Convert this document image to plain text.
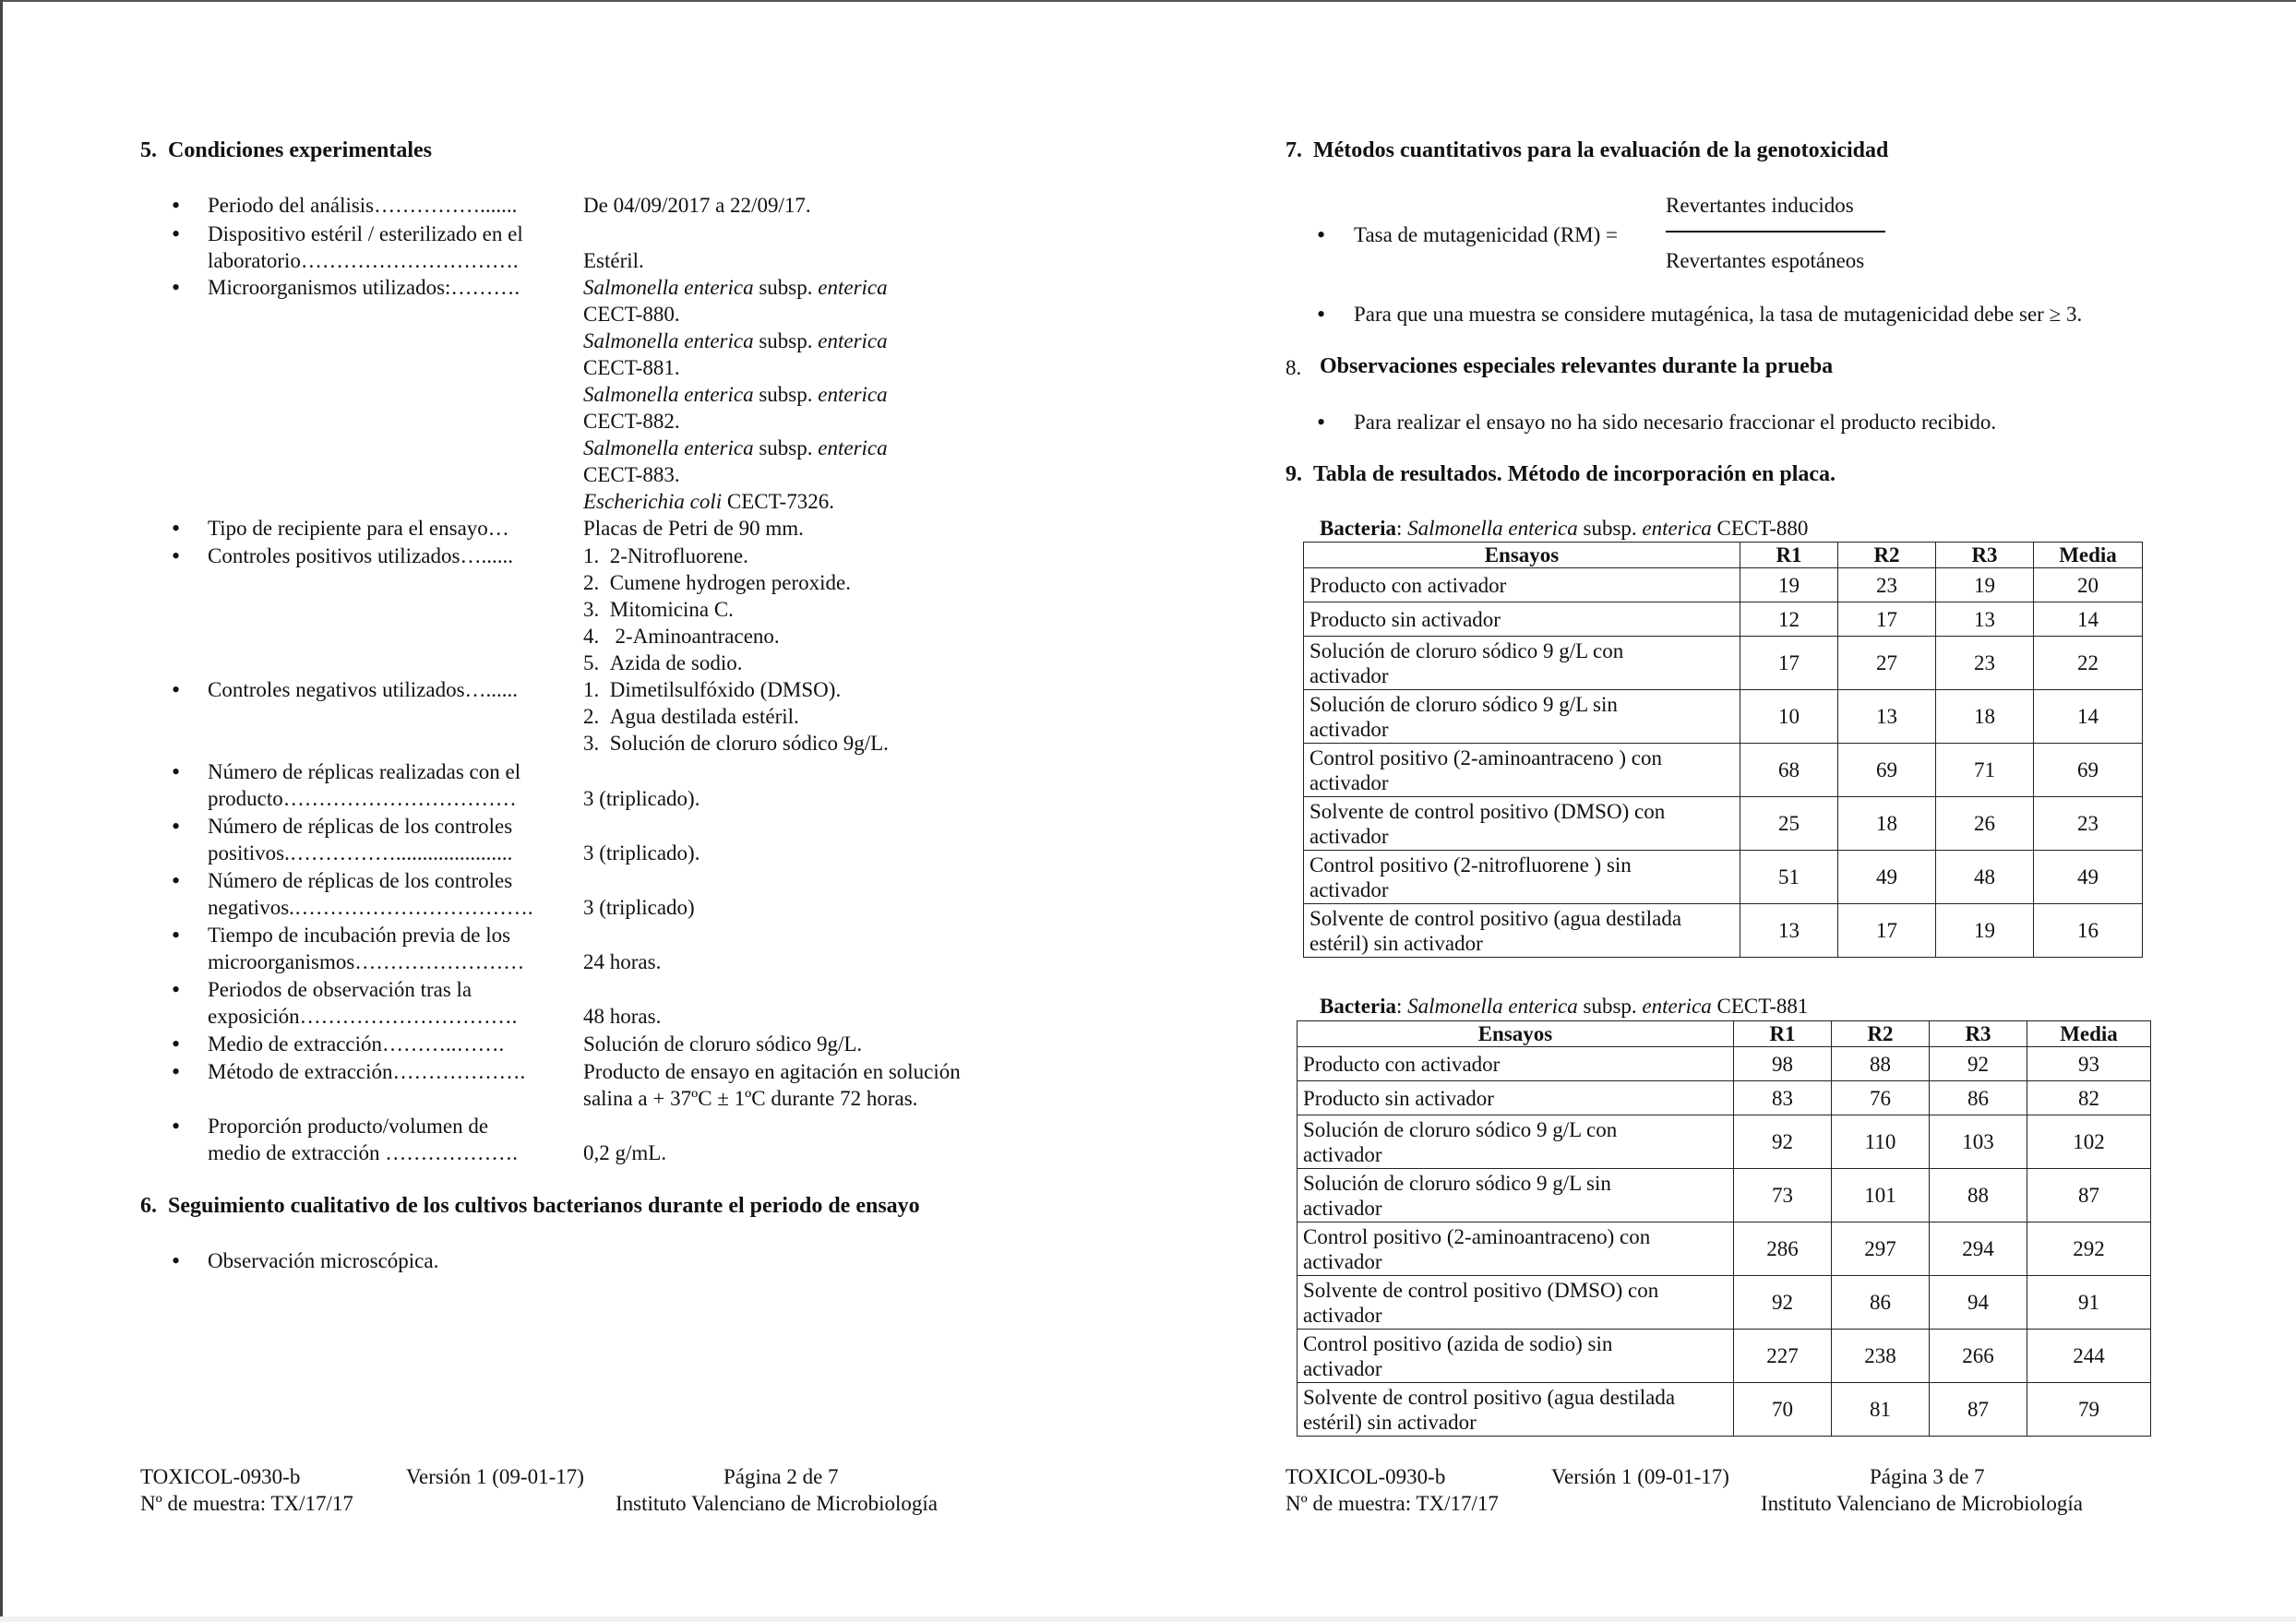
5.  Condiciones experimentales
• Periodo del análisis…………….......	De 04/09/2017 a 22/09/17.
• Dispositivo estéril / esterilizado en el
laboratorio………………………….	Estéril.
• Microorganismos utilizados:……….	Salmonella enterica subsp. enterica
CECT-880.
Salmonella enterica subsp. enterica
CECT-881.
Salmonella enterica subsp. enterica
CECT-882.
Salmonella enterica subsp. enterica
CECT-883.
Escherichia coli CECT-7326.
• Tipo de recipiente para el ensayo…	Placas de Petri de 90 mm.
• Controles positivos utilizados…......	1.  2-Nitrofluorene.
2.  Cumene hydrogen peroxide.
3.  Mitomicina C.
4.   2-Aminoantraceno.
5.  Azida de sodio.
• Controles negativos utilizados…......	1.  Dimetilsulfóxido (DMSO).
2.  Agua destilada estéril.
3.  Solución de cloruro sódico 9g/L.
• Número de réplicas realizadas con el
producto……………………………	3 (triplicado).
• Número de réplicas de los controles
positivos.……………......................	3 (triplicado).
• Número de réplicas de los controles
negativos.……………………………. 3 (triplicado)
• Tiempo de incubación previa de los
microorganismos……………………	24 horas.
• Periodos de observación tras la
exposición………………………….	48 horas.
• Medio de extracción………..…….	Solución de cloruro sódico 9g/L.
• Método de extracción……………….	Producto de ensayo en agitación en solución
salina a + 37ºC ± 1ºC durante 72 horas.
• Proporción producto/volumen de
medio de extracción ……………….	0,2 g/mL.
6.  Seguimiento cualitativo de los cultivos bacterianos durante el periodo de ensayo
• Observación microscópica.
TOXICOL-0930-b	Versión 1 (09-01-17)	Página 2 de 7
Nº de muestra: TX/17/17	Instituto Valenciano de Microbiología
7.  Métodos cuantitativos para la evaluación de la genotoxicidad
• Tasa de mutagenicidad (RM) =
Revertantes inducidos
Revertantes espotáneos
• Para que una muestra se considere mutagénica, la tasa de mutagenicidad debe ser ≥ 3.
8. Observaciones especiales relevantes durante la prueba
• Para realizar el ensayo no ha sido necesario fraccionar el producto recibido.
9.  Tabla de resultados. Método de incorporación en placa.
Bacteria: Salmonella enterica subsp. enterica CECT-880
Ensayos	R1	R2	R3	Media

Producto con activador	19	23	19	20

Producto sin activador	12	17	13	14

Solución de cloruro sódico 9 g/L con
activador	17	27	23	22

Solución de cloruro sódico 9 g/L sin
activador	10	13	18	14

Control positivo (2-aminoantraceno ) con
activador	68	69	71	69

Solvente de control positivo (DMSO) con
activador	25	18	26	23

Control positivo (2-nitrofluorene ) sin
activador	51	49	48	49

Solvente de control positivo (agua destilada
estéril) sin activador	13	17	19	16
Bacteria: Salmonella enterica subsp. enterica CECT-881
Ensayos	R1	R2	R3	Media

Producto con activador	98	88	92	93

Producto sin activador	83	76	86	82

Solución de cloruro sódico 9 g/L con
activador	92	110	103	102

Solución de cloruro sódico 9 g/L sin
activador	73	101	88	87

Control positivo (2-aminoantraceno) con
activador	286	297	294	292

Solvente de control positivo (DMSO) con
activador	92	86	94	91

Control positivo (azida de sodio) sin
activador	227	238	266	244

Solvente de control positivo (agua destilada
estéril) sin activador	70	81	87	79
TOXICOL-0930-b	Versión 1 (09-01-17)	Página 3 de 7
Nº de muestra: TX/17/17	Instituto Valenciano de Microbiología
